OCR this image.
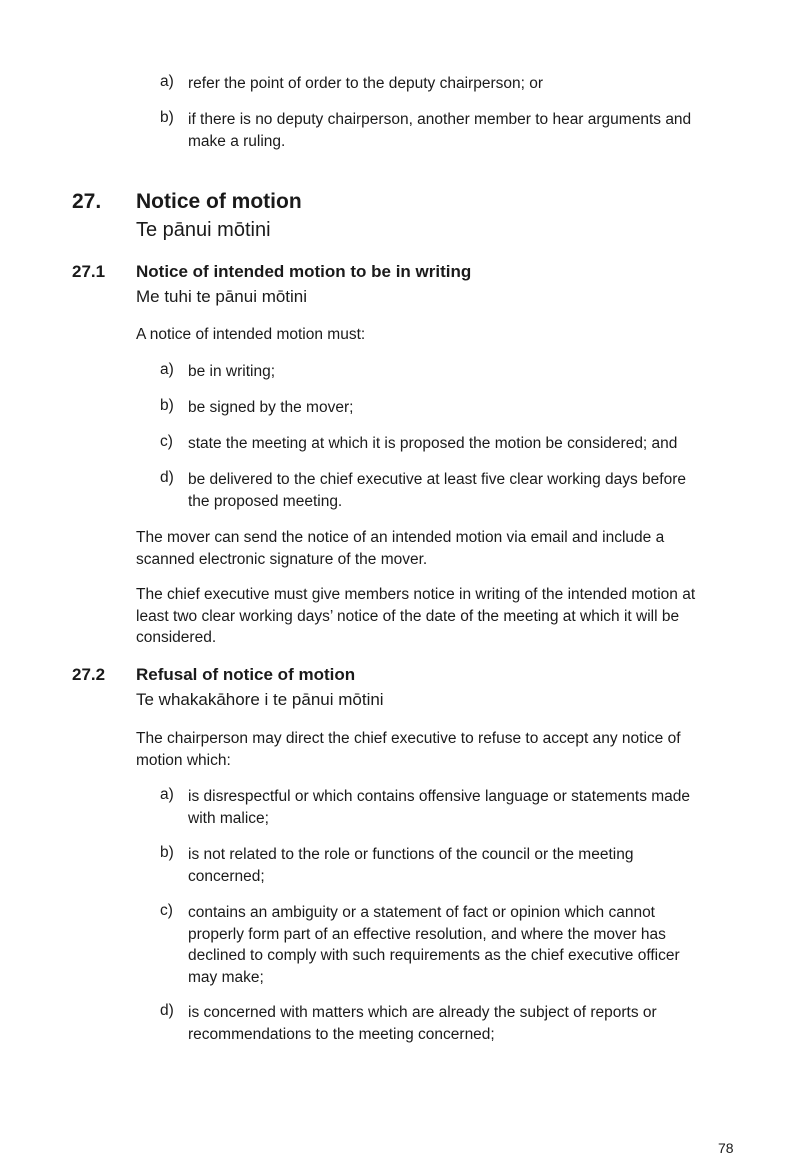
a) refer the point of order to the deputy chairperson; or
b) if there is no deputy chairperson, another member to hear arguments and
make a ruling.
27. Notice of motion
Te pānui mōtini
27.1 Notice of intended motion to be in writing
Me tuhi te pānui mōtini
A notice of intended motion must:
a) be in writing;
b) be signed by the mover;
c) state the meeting at which it is proposed the motion be considered; and
d) be delivered to the chief executive at least five clear working days before
the proposed meeting.
The mover can send the notice of an intended motion via email and include a
scanned electronic signature of the mover.
The chief executive must give members notice in writing of the intended motion at
least two clear working days’ notice of the date of the meeting at which it will be
considered.
27.2 Refusal of notice of motion
Te whakakāhore i te pānui mōtini
The chairperson may direct the chief executive to refuse to accept any notice of
motion which:
a) is disrespectful or which contains offensive language or statements made
with malice;
b) is not related to the role or functions of the council or the meeting
concerned;
c) contains an ambiguity or a statement of fact or opinion which cannot
properly form part of an effective resolution, and where the mover has
declined to comply with such requirements as the chief executive officer
may make;
d) is concerned with matters which are already the subject of reports or
recommendations to the meeting concerned;
78
